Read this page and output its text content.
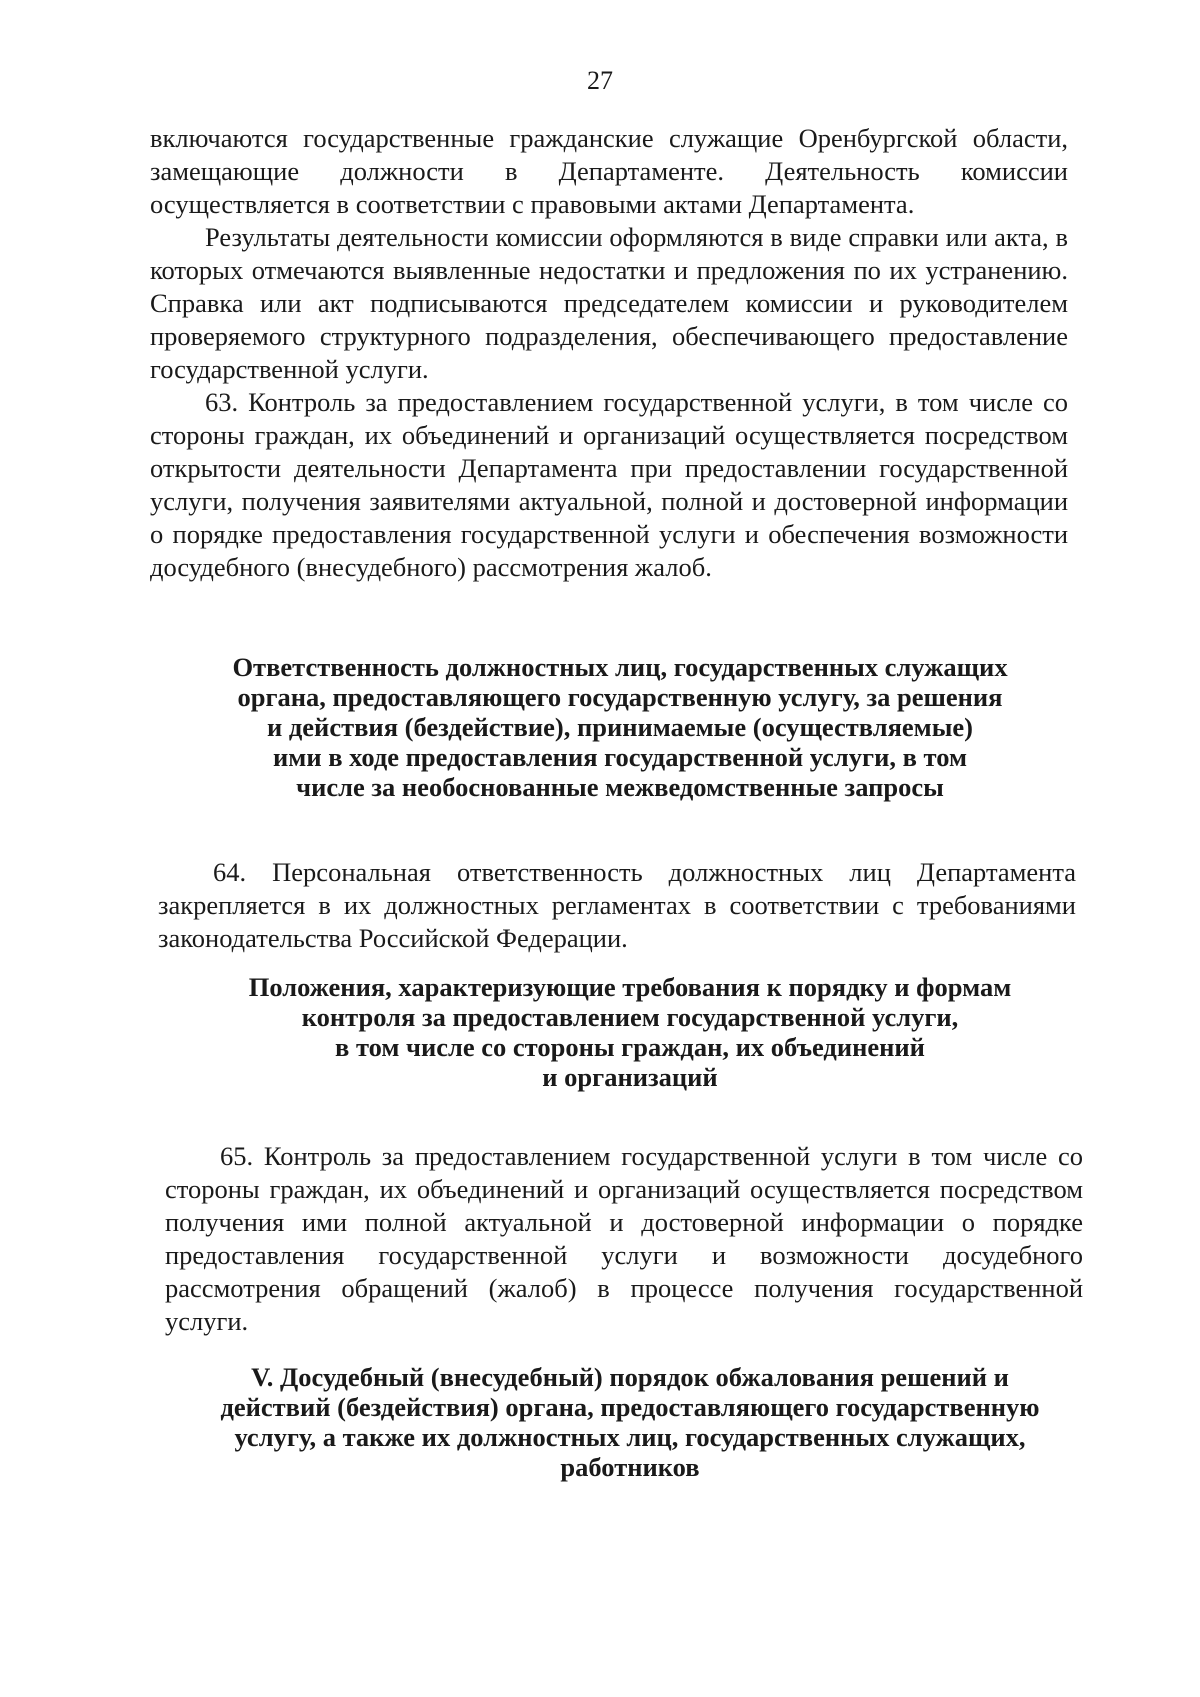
27

включаются государственные гражданские служащие Оренбургской области, замещающие должности в Департаменте. Деятельность комиссии осуществляется в соответствии с правовыми актами Департамента.

Результаты деятельности комиссии оформляются в виде справки или акта, в которых отмечаются выявленные недостатки и предложения по их устранению. Справка или акт подписываются председателем комиссии и руководителем проверяемого структурного подразделения, обеспечивающего предоставление государственной услуги.

63. Контроль за предоставлением государственной услуги, в том числе со стороны граждан, их объединений и организаций осуществляется посредством открытости деятельности Департамента при предоставлении государственной услуги, получения заявителями актуальной, полной и достоверной информации о порядке предоставления государственной услуги и обеспечения возможности досудебного (внесудебного) рассмотрения жалоб.

Ответственность должностных лиц, государственных служащих
органа, предоставляющего государственную услугу, за решения
и действия (бездействие), принимаемые (осуществляемые)
ими в ходе предоставления государственной услуги, в том
числе за необоснованные межведомственные запросы

64. Персональная ответственность должностных лиц Департамента закрепляется в их должностных регламентах в соответствии с требованиями законодательства Российской Федерации.

Положения, характеризующие требования к порядку и формам
контроля за предоставлением государственной услуги,
в том числе со стороны граждан, их объединений
и организаций

65. Контроль за предоставлением государственной услуги в том числе со стороны граждан, их объединений и организаций осуществляется посредством получения ими полной актуальной и достоверной информации о порядке предоставления государственной услуги и возможности досудебного рассмотрения обращений (жалоб) в процессе получения государственной услуги.

V. Досудебный (внесудебный) порядок обжалования решений и
действий (бездействия) органа, предоставляющего государственную
услугу, а также их должностных лиц, государственных служащих,
работников
